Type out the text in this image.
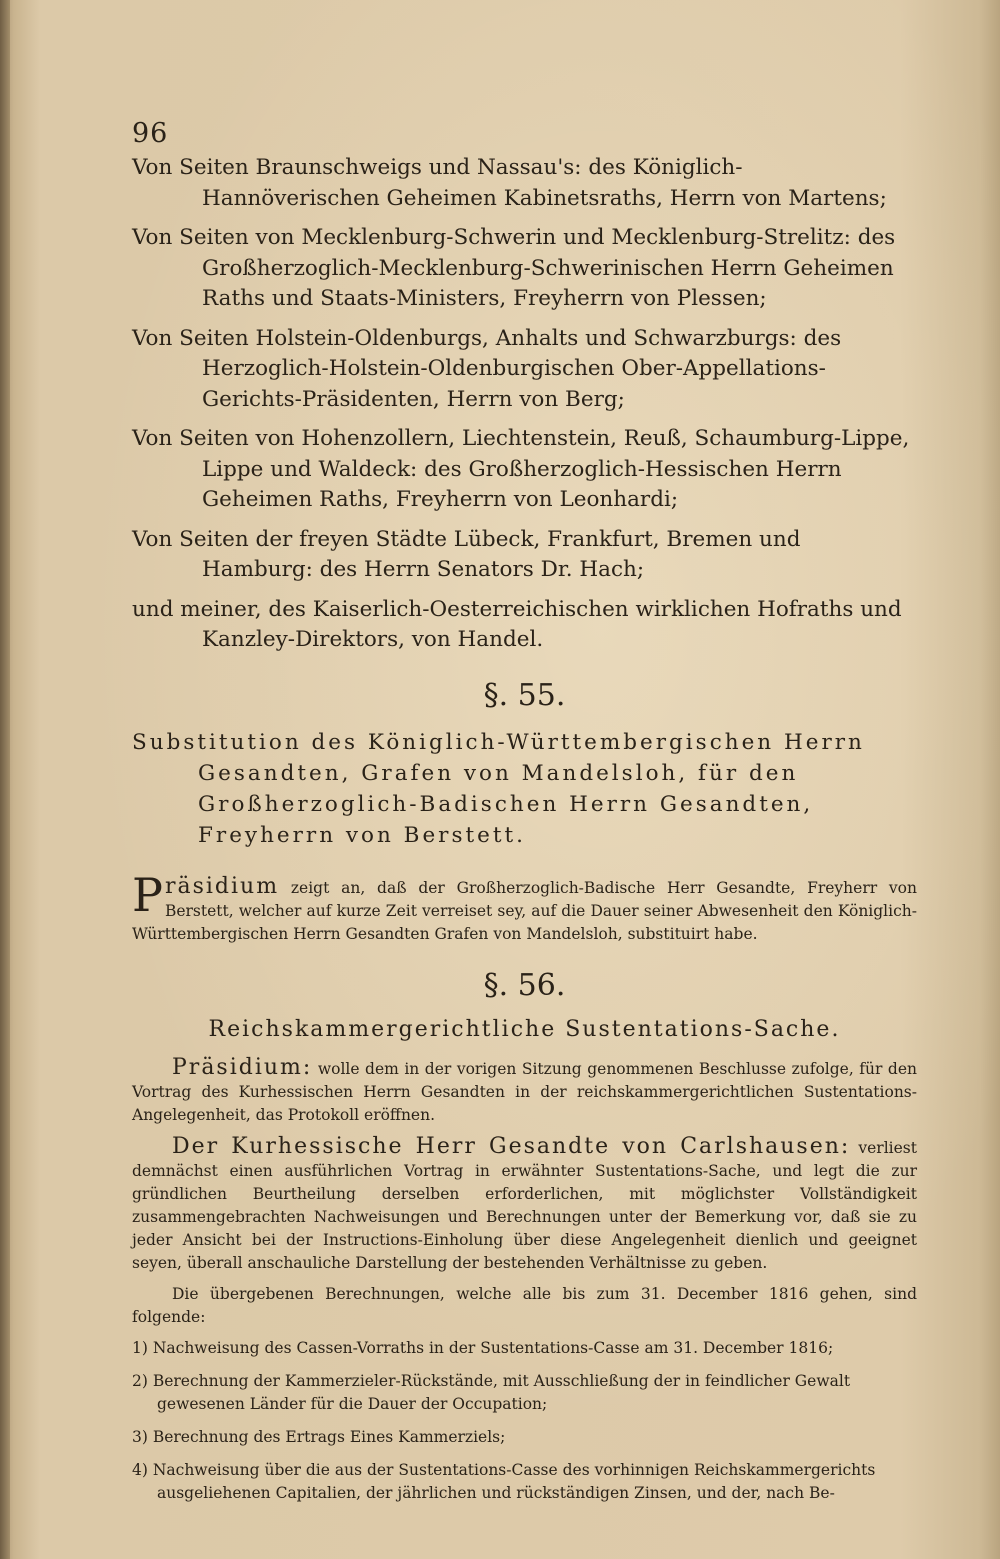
96

Von Seiten Braunschweigs und Nassau's: des Königlich-Hannöverischen Geheimen Kabinetsraths, Herrn von Martens;

Von Seiten von Mecklenburg-Schwerin und Mecklenburg-Strelitz: des Großherzoglich-Mecklenburg-Schwerinischen Herrn Geheimen Raths und Staats-Ministers, Freyherrn von Plessen;

Von Seiten Holstein-Oldenburgs, Anhalts und Schwarzburgs: des Herzoglich-Holstein-Oldenburgischen Ober-Appellations-Gerichts-Präsidenten, Herrn von Berg;

Von Seiten von Hohenzollern, Liechtenstein, Reuß, Schaumburg-Lippe, Lippe und Waldeck: des Großherzoglich-Hessischen Herrn Geheimen Raths, Freyherrn von Leonhardi;

Von Seiten der freyen Städte Lübeck, Frankfurt, Bremen und Hamburg: des Herrn Senators Dr. Hach;

und meiner, des Kaiserlich-Oesterreichischen wirklichen Hofraths und Kanzley-Direktors, von Handel.

§. 55.
Substitution des Königlich-Württembergischen Herrn Gesandten, Grafen von Mandelsloh, für den Großherzoglich-Badischen Herrn Gesandten, Freyherrn von Berstett.

Präsidium zeigt an, daß der Großherzoglich-Badische Herr Gesandte, Freyherr von Berstett, welcher auf kurze Zeit verreiset sey, auf die Dauer seiner Abwesenheit den Königlich-Württembergischen Herrn Gesandten Grafen von Mandelsloh, substituirt habe.

§. 56.
Reichskammergerichtliche Sustentations-Sache.

Präsidium: wolle dem in der vorigen Sitzung genommenen Beschlusse zufolge, für den Vortrag des Kurhessischen Herrn Gesandten in der reichskammergerichtlichen Sustentations-Angelegenheit, das Protokoll eröffnen.

Der Kurhessische Herr Gesandte von Carlshausen: verliest demnächst einen ausführlichen Vortrag in erwähnter Sustentations-Sache, und legt die zur gründlichen Beurtheilung derselben erforderlichen, mit möglichster Vollständigkeit zusammengebrachten Nachweisungen und Berechnungen unter der Bemerkung vor, daß sie zu jeder Ansicht bei der Instructions-Einholung über diese Angelegenheit dienlich und geeignet seyen, überall anschauliche Darstellung der bestehenden Verhältnisse zu geben.

Die übergebenen Berechnungen, welche alle bis zum 31. December 1816 gehen, sind folgende:

1) Nachweisung des Cassen-Vorraths in der Sustentations-Casse am 31. December 1816;

2) Berechnung der Kammerzieler-Rückstände, mit Ausschließung der in feindlicher Gewalt gewesenen Länder für die Dauer der Occupation;

3) Berechnung des Ertrags Eines Kammerziels;

4) Nachweisung über die aus der Sustentations-Casse des vorhinnigen Reichskammergerichts ausgeliehenen Capitalien, der jährlichen und rückständigen Zinsen, und der, nach Be-
